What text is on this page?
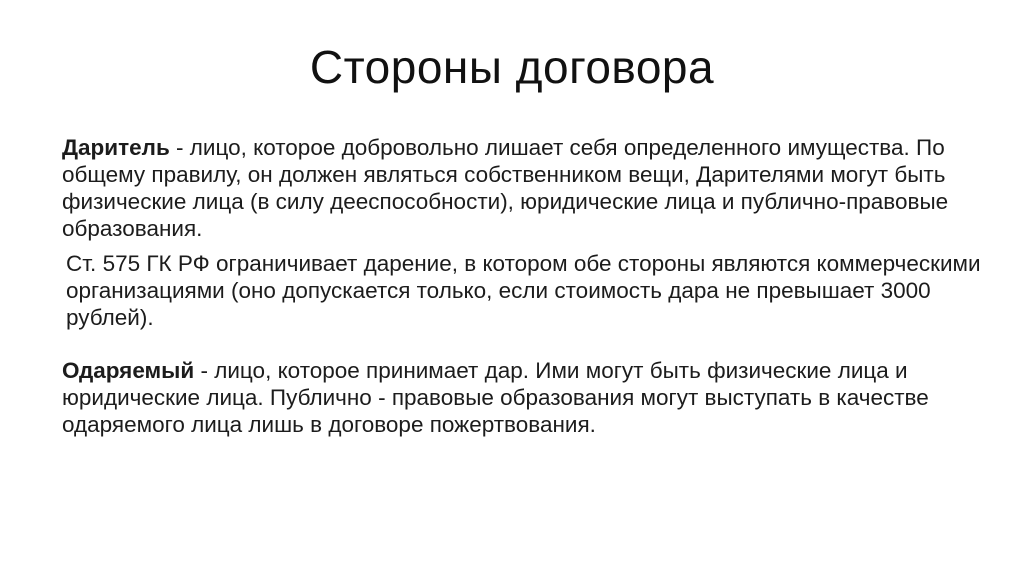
Стороны договора

Даритель - лицо, которое добровольно лишает себя определенного имущества. По общему правилу, он должен являться собственником вещи, Дарителями могут быть физические лица (в силу дееспособности), юридические лица и публично-правовые образования.

Ст. 575 ГК РФ ограничивает дарение, в котором обе стороны являются коммерческими организациями (оно допускается только, если стоимость дара не превышает 3000 рублей).

Одаряемый - лицо, которое принимает дар. Ими могут быть физические лица и юридические лица. Публично - правовые образования могут выступать в качестве одаряемого лица лишь в договоре пожертвования.
